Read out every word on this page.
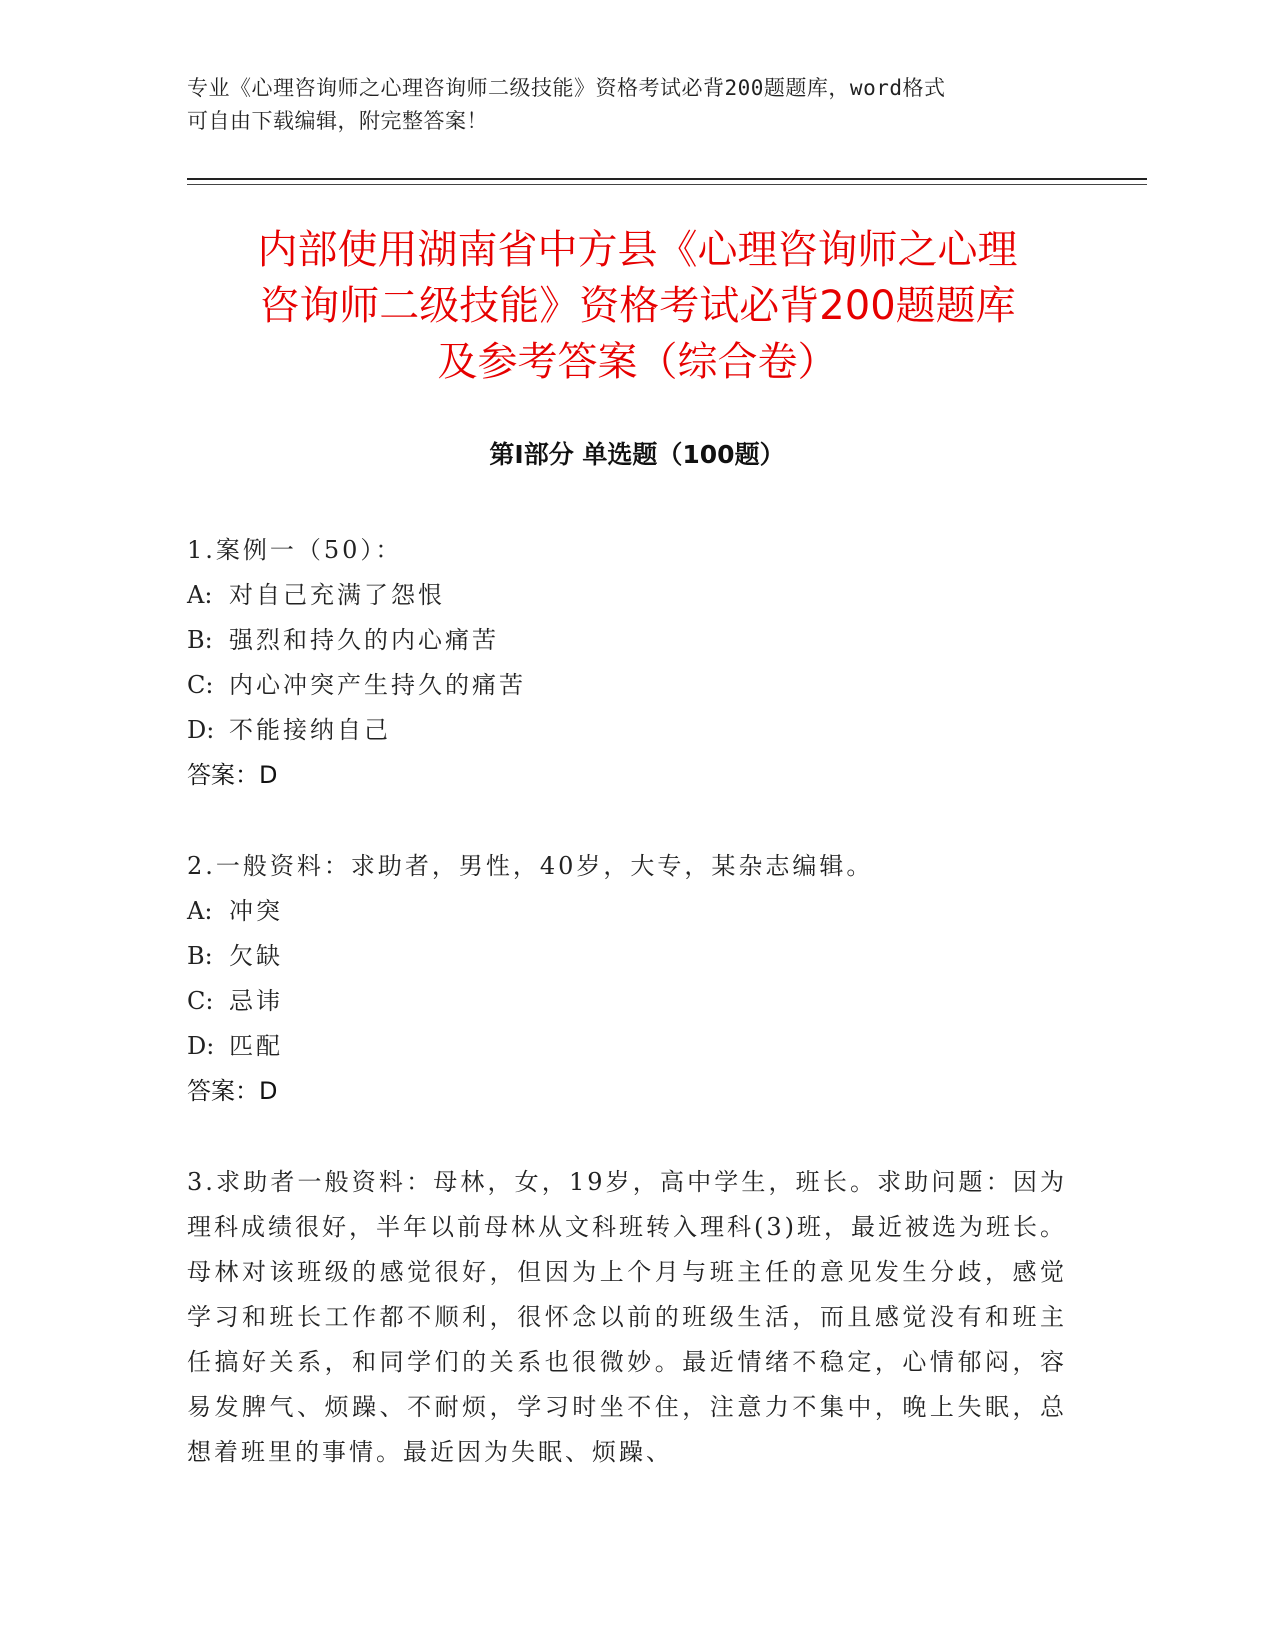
专业《心理咨询师之心理咨询师二级技能》资格考试必背200题题库，word格式
可自由下载编辑，附完整答案！
内部使用湖南省中方县《心理咨询师之心理
咨询师二级技能》资格考试必背200题题库
及参考答案（综合卷）
第Ⅰ部分 单选题（100题）
1.案例一（50）：
A: 对自己充满了怨恨
B: 强烈和持久的内心痛苦
C: 内心冲突产生持久的痛苦
D: 不能接纳自己
答案：D
2.一般资料：求助者，男性，40岁，大专，某杂志编辑。
A: 冲突
B: 欠缺
C: 忌讳
D: 匹配
答案：D
3.求助者一般资料：母林，女，19岁，高中学生，班长。求助问题：因为理科成绩很好，半年以前母林从文科班转入理科(3)班，最近被选为班长。母林对该班级的感觉很好，但因为上个月与班主任的意见发生分歧，感觉学习和班长工作都不顺利，很怀念以前的班级生活，而且感觉没有和班主任搞好关系，和同学们的关系也很微妙。最近情绪不稳定，心情郁闷，容易发脾气、烦躁、不耐烦，学习时坐不住，注意力不集中，晚上失眠，总想着班里的事情。最近因为失眠、烦躁、
